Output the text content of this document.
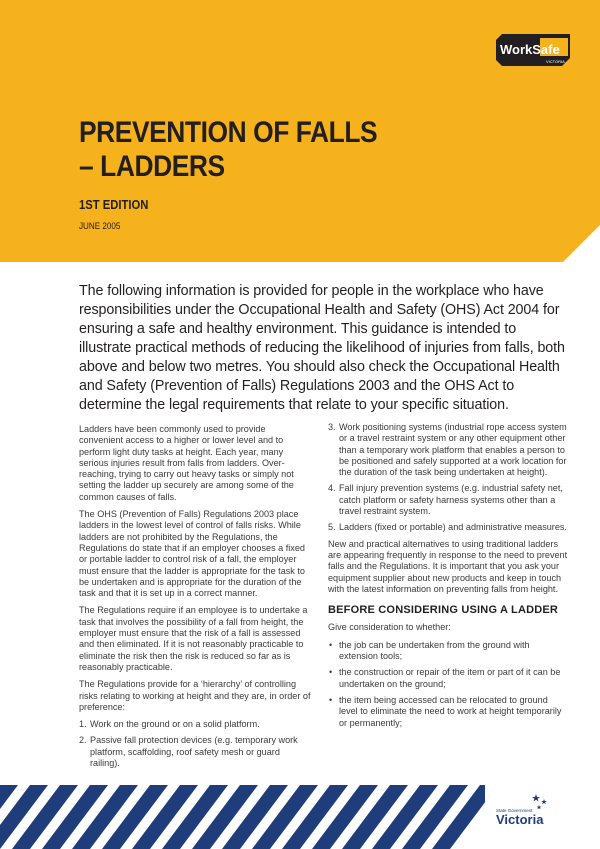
WorkSafe
VICTORIA
PREVENTION OF FALLS
– LADDERS
1ST EDITION
JUNE 2005
The following information is provided for people in the workplace who have responsibilities under the Occupational Health and Safety (OHS) Act 2004 for ensuring a safe and healthy environment. This guidance is intended to illustrate practical methods of reducing the likelihood of injuries from falls, both above and below two metres. You should also check the Occupational Health and Safety (Prevention of Falls) Regulations 2003 and the OHS Act to determine the legal requirements that relate to your specific situation.

Ladders have been commonly used to provide convenient access to a higher or lower level and to perform light duty tasks at height. Each year, many serious injuries result from falls from ladders. Over-reaching, trying to carry out heavy tasks or simply not setting the ladder up securely are among some of the common causes of falls.

The OHS (Prevention of Falls) Regulations 2003 place ladders in the lowest level of control of falls risks. While ladders are not prohibited by the Regulations, the Regulations do state that if an employer chooses a fixed or portable ladder to control risk of a fall, the employer must ensure that the ladder is appropriate for the task to be undertaken and is appropriate for the duration of the task and that it is set up in a correct manner.

The Regulations require if an employee is to undertake a task that involves the possibility of a fall from height, the employer must ensure that the risk of a fall is assessed and then eliminated. If it is not reasonably practicable to eliminate the risk then the risk is reduced so far as is reasonably practicable.

The Regulations provide for a ‘hierarchy’ of controlling risks relating to working at height and they are, in order of preference:

1. Work on the ground or on a solid platform.
2. Passive fall protection devices (e.g. temporary work platform, scaffolding, roof safety mesh or guard railing).
3. Work positioning systems (industrial rope access system or a travel restraint system or any other equipment other than a temporary work platform that enables a person to be positioned and safely supported at a work location for the duration of the task being undertaken at height).
4. Fall injury prevention systems (e.g. industrial safety net, catch platform or safety harness systems other than a travel restraint system.
5. Ladders (fixed or portable) and administrative measures.

New and practical alternatives to using traditional ladders are appearing frequently in response to the need to prevent falls and the Regulations. It is important that you ask your equipment supplier about new products and keep in touch with the latest information on preventing falls from height.

BEFORE CONSIDERING USING A LADDER

Give consideration to whether:

• the job can be undertaken from the ground with extension tools;
• the construction or repair of the item or part of it can be undertaken on the ground;
• the item being accessed can be relocated to ground level to eliminate the need to work at height temporarily or permanently;
State Government
Victoria
